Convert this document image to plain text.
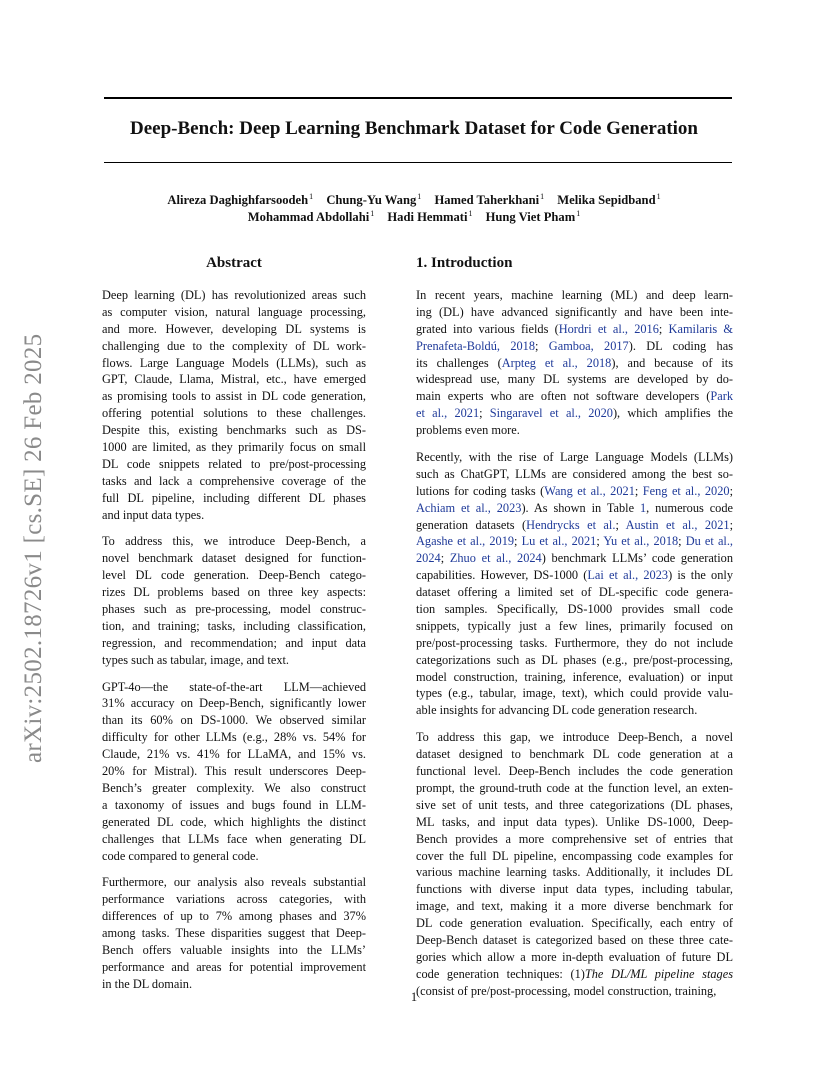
Deep-Bench: Deep Learning Benchmark Dataset for Code Generation
Alireza Daghighfarsoodeh$^1$ Chung-Yu Wang$^1$ Hamed Taherkhani$^1$ Melika Sepidband$^1$
Mohammad Abdollahi$^1$ Hadi Hemmati$^1$ Hung Viet Pham$^1$
arXiv:2502.18726v1 [cs.SE] 26 Feb 2025
Abstract
Deep learning (DL) has revolutionized areas such
as computer vision, natural language processing,
and more. However, developing DL systems is
challenging due to the complexity of DL work-
flows. Large Language Models (LLMs), such as
GPT, Claude, Llama, Mistral, etc., have emerged
as promising tools to assist in DL code generation,
offering potential solutions to these challenges.
Despite this, existing benchmarks such as DS-
1000 are limited, as they primarily focus on small
DL code snippets related to pre/post-processing
tasks and lack a comprehensive coverage of the
full DL pipeline, including different DL phases
and input data types.
To address this, we introduce Deep-Bench, a
novel benchmark dataset designed for function-
level DL code generation. Deep-Bench catego-
rizes DL problems based on three key aspects:
phases such as pre-processing, model construc-
tion, and training; tasks, including classification,
regression, and recommendation; and input data
types such as tabular, image, and text.
GPT-4o—the state-of-the-art LLM—achieved
31% accuracy on Deep-Bench, significantly lower
than its 60% on DS-1000. We observed similar
difficulty for other LLMs (e.g., 28% vs. 54% for
Claude, 21% vs. 41% for LLaMA, and 15% vs.
20% for Mistral). This result underscores Deep-
Bench’s greater complexity. We also construct
a taxonomy of issues and bugs found in LLM-
generated DL code, which highlights the distinct
challenges that LLMs face when generating DL
code compared to general code.
Furthermore, our analysis also reveals substantial
performance variations across categories, with
differences of up to 7% among phases and 37%
among tasks. These disparities suggest that Deep-
Bench offers valuable insights into the LLMs’
performance and areas for potential improvement
in the DL domain.
1. Introduction
In recent years, machine learning (ML) and deep learn-
ing (DL) have advanced significantly and have been inte-
grated into various fields (Hordri et al., 2016; Kamilaris &
Prenafeta-Boldú, 2018; Gamboa, 2017). DL coding has
its challenges (Arpteg et al., 2018), and because of its
widespread use, many DL systems are developed by do-
main experts who are often not software developers (Park
et al., 2021; Singaravel et al., 2020), which amplifies the
problems even more.
Recently, with the rise of Large Language Models (LLMs)
such as ChatGPT, LLMs are considered among the best so-
lutions for coding tasks (Wang et al., 2021; Feng et al., 2020;
Achiam et al., 2023). As shown in Table 1, numerous code
generation datasets (Hendrycks et al.; Austin et al., 2021;
Agashe et al., 2019; Lu et al., 2021; Yu et al., 2018; Du et al.,
2024; Zhuo et al., 2024) benchmark LLMs’ code generation
capabilities. However, DS-1000 (Lai et al., 2023) is the only
dataset offering a limited set of DL-specific code genera-
tion samples. Specifically, DS-1000 provides small code
snippets, typically just a few lines, primarily focused on
pre/post-processing tasks. Furthermore, they do not include
categorizations such as DL phases (e.g., pre/post-processing,
model construction, training, inference, evaluation) or input
types (e.g., tabular, image, text), which could provide valu-
able insights for advancing DL code generation research.
To address this gap, we introduce Deep-Bench, a novel
dataset designed to benchmark DL code generation at a
functional level. Deep-Bench includes the code generation
prompt, the ground-truth code at the function level, an exten-
sive set of unit tests, and three categorizations (DL phases,
ML tasks, and input data types). Unlike DS-1000, Deep-
Bench provides a more comprehensive set of entries that
cover the full DL pipeline, encompassing code examples for
various machine learning tasks. Additionally, it includes DL
functions with diverse input data types, including tabular,
image, and text, making it a more diverse benchmark for
DL code generation evaluation. Specifically, each entry of
Deep-Bench dataset is categorized based on these three cate-
gories which allow a more in-depth evaluation of future DL
code generation techniques: (1)The DL/ML pipeline stages
(consist of pre/post-processing, model construction, training,
1
